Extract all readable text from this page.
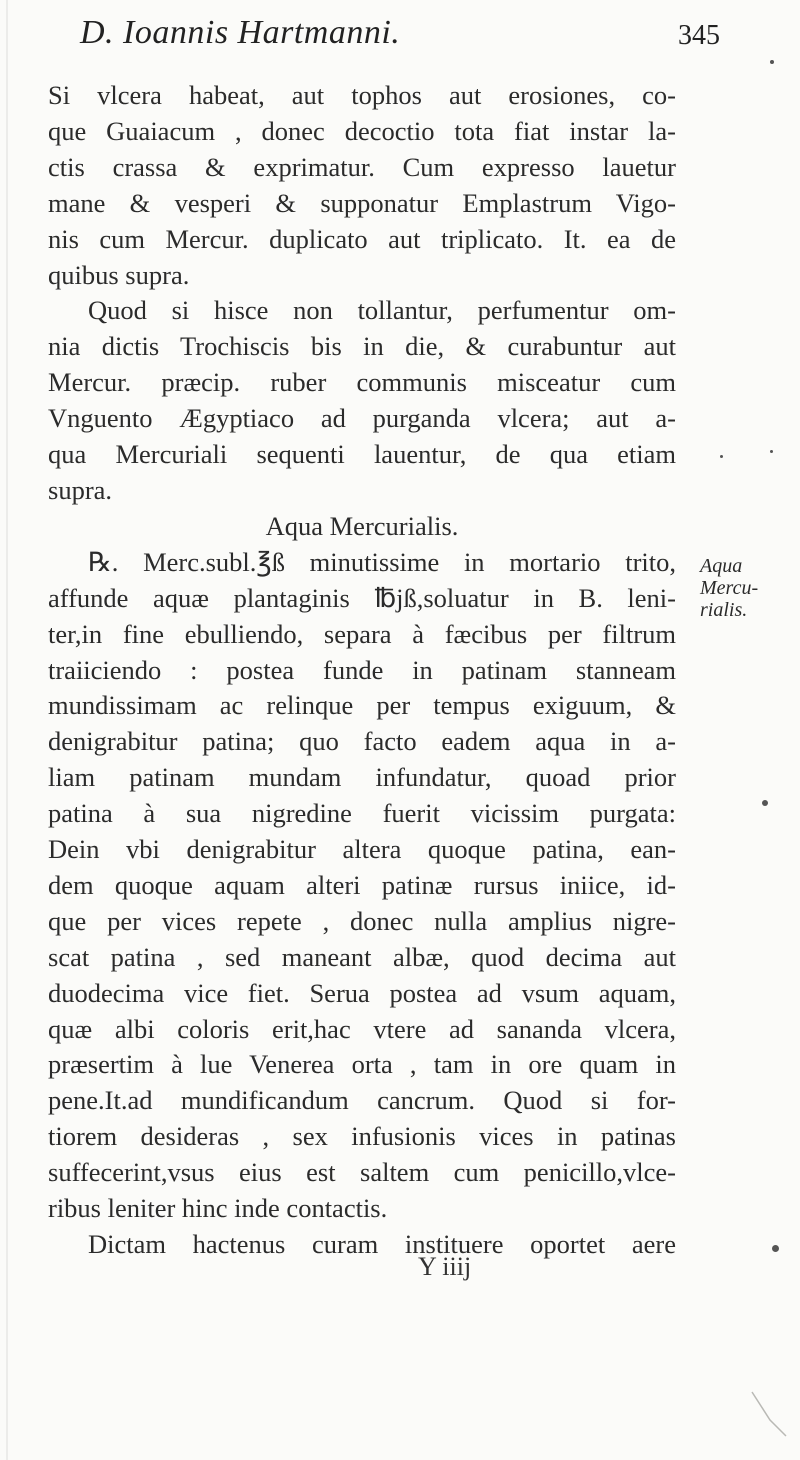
D. Ioannis Hartmanni.	345
Si vlcera habeat, aut tophos aut erosiones, co-
que Guaiacum , donec decoctio tota fiat instar la-
ctis crassa & exprimatur. Cum expresso lauetur
mane & vesperi & supponatur Emplastrum Vigo-
nis cum Mercur. duplicato aut triplicato. It. ea de
quibus supra.
Quod si hisce non tollantur, perfumentur om-
nia dictis Trochiscis bis in die, & curabuntur aut
Mercur. præcip. ruber communis misceatur cum
Vnguento Ægyptiaco ad purganda vlcera; aut a-
qua Mercuriali sequenti lauentur, de qua etiam
supra.
Aqua Mercurialis.
℞. Merc.subl.℥ß minutissime in mortario trito,
affunde aquæ plantaginis ℔jß,soluatur in B. leni-
ter,in fine ebulliendo, separa à fæcibus per filtrum
traiiciendo : postea funde in patinam stanneam
mundissimam ac relinque per tempus exiguum, &
denigrabitur patina; quo facto eadem aqua in a-
liam patinam mundam infundatur, quoad prior
patina à sua nigredine fuerit vicissim purgata:
Dein vbi denigrabitur altera quoque patina, ean-
dem quoque aquam alteri patinæ rursus iniice, id-
que per vices repete , donec nulla amplius nigre-
scat patina , sed maneant albæ, quod decima aut
duodecima vice fiet. Serua postea ad vsum aquam,
quæ albi coloris erit,hac vtere ad sananda vlcera,
præsertim à lue Venerea orta , tam in ore quam in
pene.It.ad mundificandum cancrum. Quod si for-
tiorem desideras , sex infusionis vices in patinas
suffecerint,vsus eius est saltem cum penicillo,vlce-
ribus leniter hinc inde contactis.
Dictam hactenus curam instituere oportet aere
Aqua
Mercu-
rialis.
Y iiij
